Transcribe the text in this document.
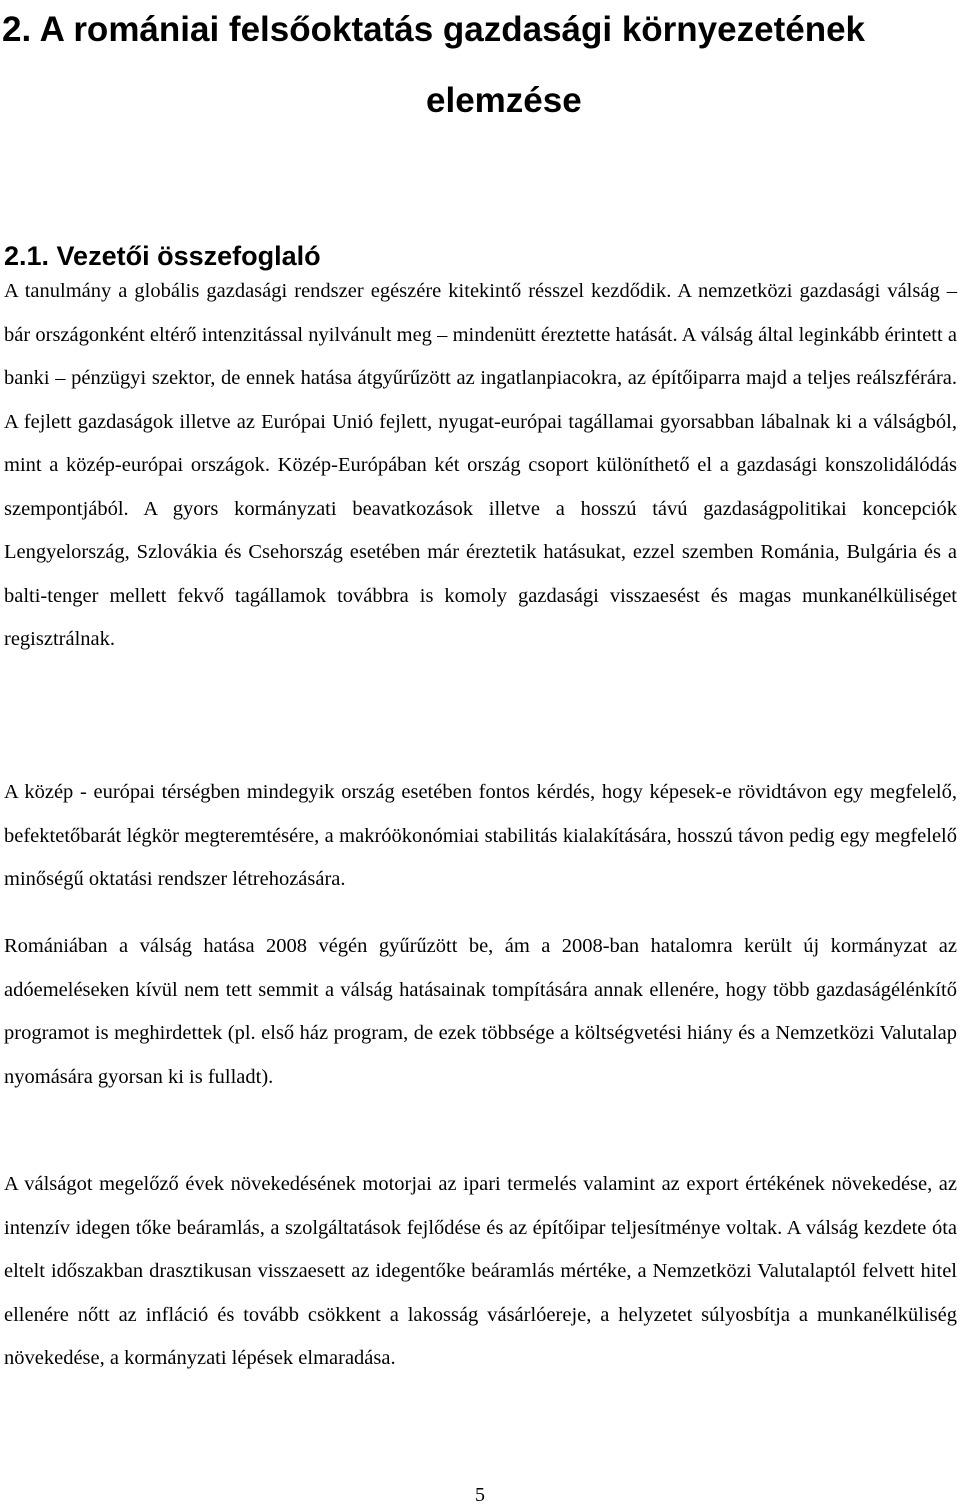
2. A romániai felsőoktatás gazdasági környezetének
elemzése
2.1. Vezetői összefoglaló

A tanulmány a globális gazdasági rendszer egészére kitekintő résszel kezdődik. A nemzetközi gazdasági válság – bár országonként eltérő intenzitással nyilvánult meg – mindenütt éreztette hatását. A válság által leginkább érintett a banki – pénzügyi szektor, de ennek hatása átgyűrűzött az ingatlanpiacokra, az építőiparra majd a teljes reálszférára. A fejlett gazdaságok illetve az Európai Unió fejlett, nyugat-európai tagállamai gyorsabban lábalnak ki a válságból, mint a közép-európai országok. Közép-Európában két ország csoport különíthető el a gazdasági konszolidálódás szempontjából. A gyors kormányzati beavatkozások illetve a hosszú távú gazdaságpolitikai koncepciók Lengyelország, Szlovákia és Csehország esetében már éreztetik hatásukat, ezzel szemben Románia, Bulgária és a balti-tenger mellett fekvő tagállamok továbbra is komoly gazdasági visszaesést és magas munkanélküliséget regisztrálnak.

A közép - európai térségben mindegyik ország esetében fontos kérdés, hogy képesek-e rövidtávon egy megfelelő, befektetőbarát légkör megteremtésére, a makróökonómiai stabilitás kialakítására, hosszú távon pedig egy megfelelő minőségű oktatási rendszer létrehozására.

Romániában a válság hatása 2008 végén gyűrűzött be, ám a 2008-ban hatalomra került új kormányzat az adóemeléseken kívül nem tett semmit a válság hatásainak tompítására annak ellenére, hogy több gazdaságélénkítő programot is meghirdettek (pl. első ház program, de ezek többsége a költségvetési hiány és a Nemzetközi Valutalap nyomására gyorsan ki is fulladt).

A válságot megelőző évek növekedésének motorjai az ipari termelés valamint az export értékének növekedése, az intenzív idegen tőke beáramlás, a szolgáltatások fejlődése és az építőipar teljesítménye voltak. A válság kezdete óta eltelt időszakban drasztikusan visszaesett az idegentőke beáramlás mértéke, a Nemzetközi Valutalaptól felvett hitel ellenére nőtt az infláció és tovább csökkent a lakosság vásárlóereje, a helyzetet súlyosbítja a munkanélküliség növekedése, a kormányzati lépések elmaradása.

5
